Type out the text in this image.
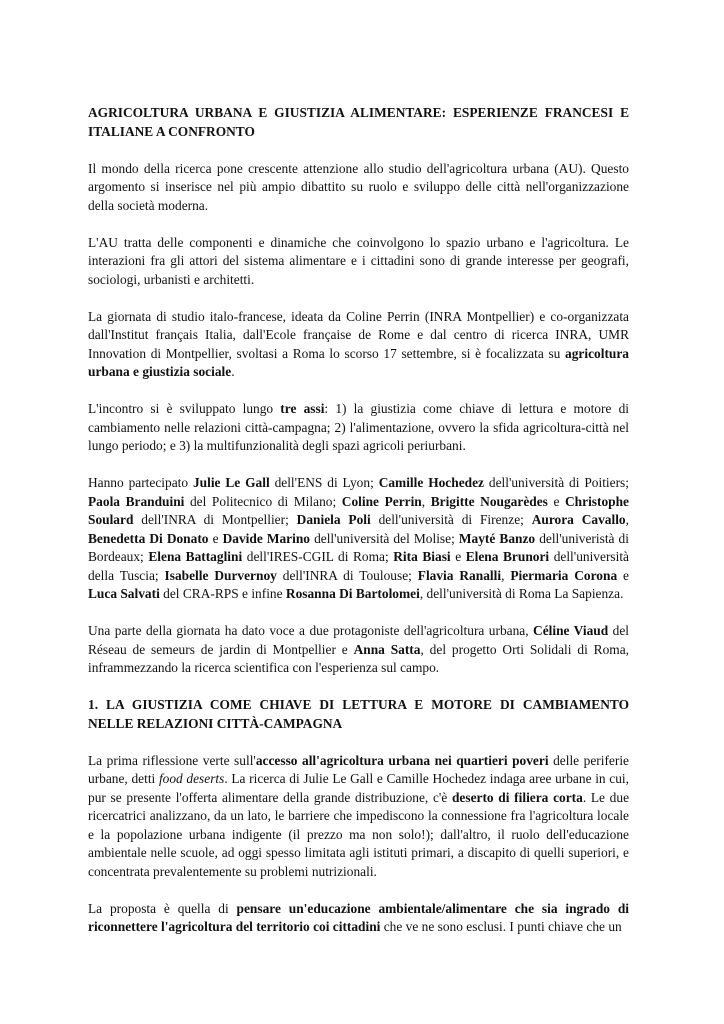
AGRICOLTURA URBANA E GIUSTIZIA ALIMENTARE: ESPERIENZE FRANCESI E ITALIANE A CONFRONTO

Il mondo della ricerca pone crescente attenzione allo studio dell'agricoltura urbana (AU). Questo argomento si inserisce nel più ampio dibattito su ruolo e sviluppo delle città nell'organizzazione della società moderna.

L'AU tratta delle componenti e dinamiche che coinvolgono lo spazio urbano e l'agricoltura. Le interazioni fra gli attori del sistema alimentare e i cittadini sono di grande interesse per geografi, sociologi, urbanisti e architetti.

La giornata di studio italo-francese, ideata da Coline Perrin (INRA Montpellier) e co-organizzata dall'Institut français Italia, dall'Ecole française de Rome e dal centro di ricerca INRA, UMR Innovation di Montpellier, svoltasi a Roma lo scorso 17 settembre, si è focalizzata su agricoltura urbana e giustizia sociale.

L'incontro si è sviluppato lungo tre assi: 1) la giustizia come chiave di lettura e motore di cambiamento nelle relazioni città-campagna; 2) l'alimentazione, ovvero la sfida agricoltura-città nel lungo periodo; e 3) la multifunzionalità degli spazi agricoli periurbani.

Hanno partecipato Julie Le Gall dell'ENS di Lyon; Camille Hochedez dell'università di Poitiers; Paola Branduini del Politecnico di Milano; Coline Perrin, Brigitte Nougarèdes e Christophe Soulard dell'INRA di Montpellier; Daniela Poli dell'università di Firenze; Aurora Cavallo, Benedetta Di Donato e Davide Marino dell'università del Molise; Mayté Banzo dell'univeristà di Bordeaux; Elena Battaglini dell'IRES-CGIL di Roma; Rita Biasi e Elena Brunori dell'università della Tuscia; Isabelle Durvernoy dell'INRA di Toulouse; Flavia Ranalli, Piermaria Corona e Luca Salvati del CRA-RPS e infine Rosanna Di Bartolomei, dell'università di Roma La Sapienza.

Una parte della giornata ha dato voce a due protagoniste dell'agricoltura urbana, Céline Viaud del Réseau de semeurs de jardin di Montpellier e Anna Satta, del progetto Orti Solidali di Roma, inframmezzando la ricerca scientifica con l'esperienza sul campo.

1. LA GIUSTIZIA COME CHIAVE DI LETTURA E MOTORE DI CAMBIAMENTO NELLE RELAZIONI CITTÀ-CAMPAGNA

La prima riflessione verte sull'accesso all'agricoltura urbana nei quartieri poveri delle periferie urbane, detti food deserts. La ricerca di Julie Le Gall e Camille Hochedez indaga aree urbane in cui, pur se presente l'offerta alimentare della grande distribuzione, c'è deserto di filiera corta. Le due ricercatrici analizzano, da un lato, le barriere che impediscono la connessione fra l'agricoltura locale e la popolazione urbana indigente (il prezzo ma non solo!); dall'altro, il ruolo dell'educazione ambientale nelle scuole, ad oggi spesso limitata agli istituti primari, a discapito di quelli superiori, e concentrata prevalentemente su problemi nutrizionali.

La proposta è quella di pensare un'educazione ambientale/alimentare che sia ingrado di riconnettere l'agricoltura del territorio coi cittadini che ve ne sono esclusi. I punti chiave che un
